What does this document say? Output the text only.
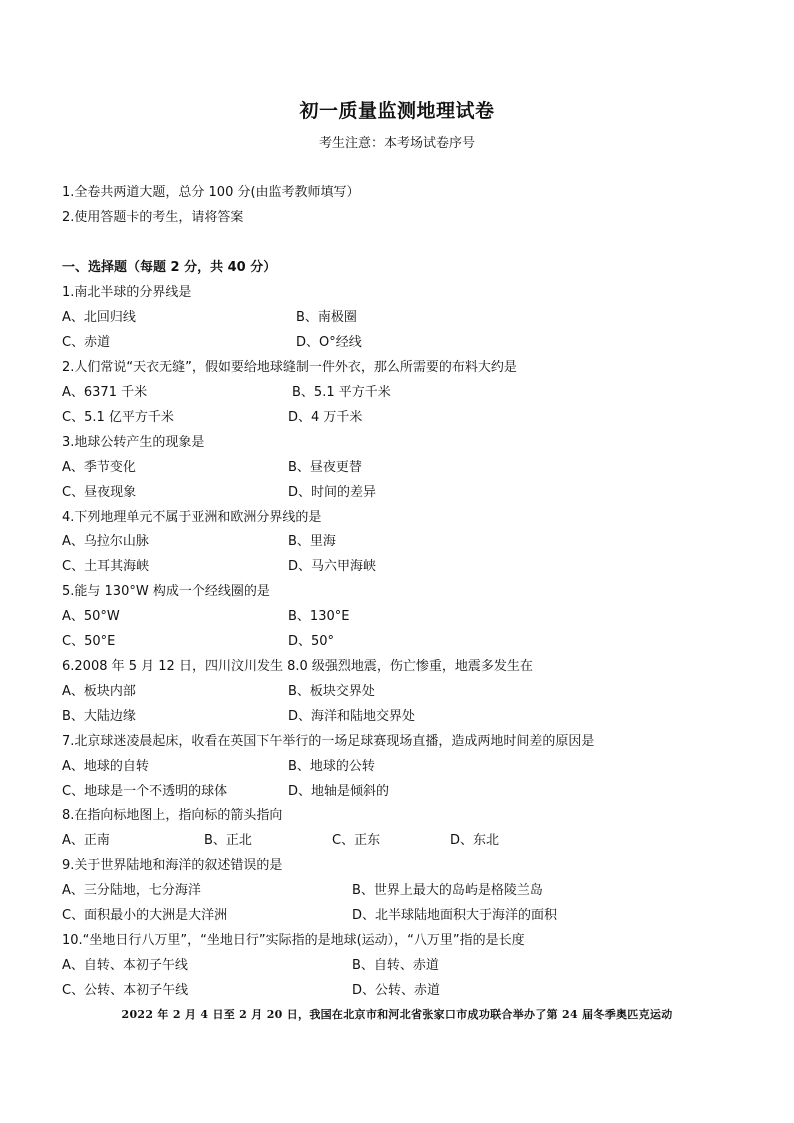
初一质量监测地理试卷
考生注意：本考场试卷序号
1.全卷共两道大题，总分 100 分(由监考教师填写）
2.使用答题卡的考生，请将答案
一、选择题（每题 2 分，共 40 分）
1.南北半球的分界线是
A、北回归线	B、南极圈
C、赤道	D、O°经线
2.人们常说“天衣无缝”，假如要给地球缝制一件外衣，那么所需要的布料大约是
A、6371 千米	B、5.1 平方千米
C、5.1 亿平方千米	D、4 万千米
3.地球公转产生的现象是
A、季节变化	B、昼夜更替
C、昼夜现象	D、时间的差异
4.下列地理单元不属于亚洲和欧洲分界线的是
A、乌拉尔山脉	B、里海
C、土耳其海峡	D、马六甲海峡
5.能与 130°W 构成一个经线圈的是
A、50°W	B、130°E
C、50°E	D、50°
6.2008 年 5 月 12 日，四川汶川发生 8.0 级强烈地震，伤亡惨重，地震多发生在
A、板块内部	B、板块交界处
B、大陆边缘	D、海洋和陆地交界处
7.北京球迷凌晨起床，收看在英国下午举行的一场足球赛现场直播，造成两地时间差的原因是
A、地球的自转	B、地球的公转
C、地球是一个不透明的球体	D、地轴是倾斜的
8.在指向标地图上，指向标的箭头指向
A、正南	B、正北	C、正东	D、东北
9.关于世界陆地和海洋的叙述错误的是
A、三分陆地，七分海洋	B、世界上最大的岛屿是格陵兰岛
C、面积最小的大洲是大洋洲	D、北半球陆地面积大于海洋的面积
10.“坐地日行八万里”，“坐地日行”实际指的是地球(运动），“八万里”指的是长度
A、自转、本初子午线	B、自转、赤道
C、公转、本初子午线	D、公转、赤道
2022 年 2 月 4 日至 2 月 20 日，我国在北京市和河北省张家口市成功联合举办了第 24 届冬季奥匹克运动
